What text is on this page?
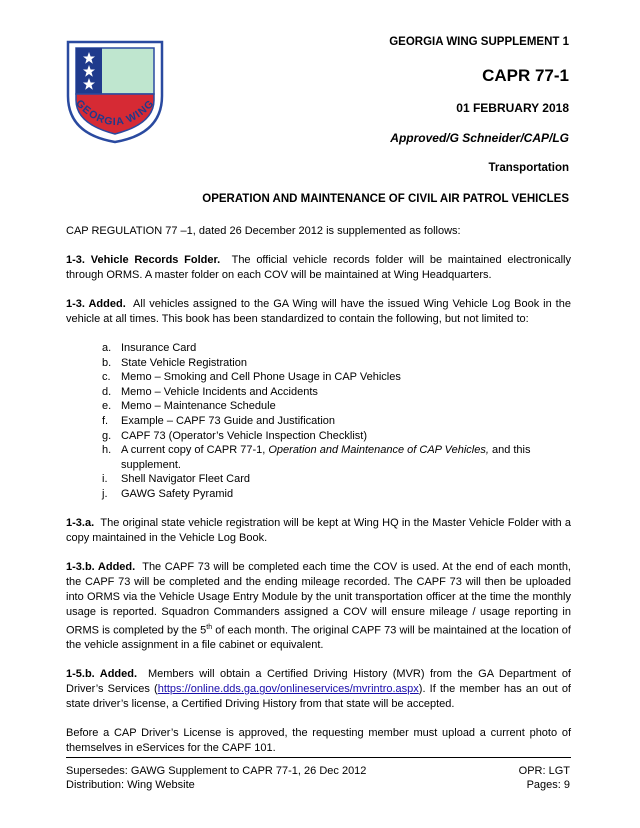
GEORGIA WING
GEORGIA WING SUPPLEMENT 1
CAPR 77-1
01 FEBRUARY 2018
Approved/G Schneider/CAP/LG
Transportation
OPERATION AND MAINTENANCE OF CIVIL AIR PATROL VEHICLES

CAP REGULATION 77 –1, dated 26 December 2012 is supplemented as follows:

1-3. Vehicle Records Folder. The official vehicle records folder will be maintained electronically through ORMS. A master folder on each COV will be maintained at Wing Headquarters.

1-3. Added. All vehicles assigned to the GA Wing will have the issued Wing Vehicle Log Book in the vehicle at all times. This book has been standardized to contain the following, but not limited to:

a. Insurance Card
b. State Vehicle Registration
c. Memo – Smoking and Cell Phone Usage in CAP Vehicles
d. Memo – Vehicle Incidents and Accidents
e. Memo – Maintenance Schedule
f. Example – CAPF 73 Guide and Justification
g. CAPF 73 (Operator’s Vehicle Inspection Checklist)
h. A current copy of CAPR 77-1, Operation and Maintenance of CAP Vehicles, and this supplement.
i. Shell Navigator Fleet Card
j. GAWG Safety Pyramid

1-3.a. The original state vehicle registration will be kept at Wing HQ in the Master Vehicle Folder with a copy maintained in the Vehicle Log Book.

1-3.b. Added. The CAPF 73 will be completed each time the COV is used. At the end of each month, the CAPF 73 will be completed and the ending mileage recorded. The CAPF 73 will then be uploaded into ORMS via the Vehicle Usage Entry Module by the unit transportation officer at the time the monthly usage is reported. Squadron Commanders assigned a COV will ensure mileage / usage reporting in ORMS is completed by the 5th of each month. The original CAPF 73 will be maintained at the location of the vehicle assignment in a file cabinet or equivalent.

1-5.b. Added. Members will obtain a Certified Driving History (MVR) from the GA Department of Driver’s Services (https://online.dds.ga.gov/onlineservices/mvrintro.aspx). If the member has an out of state driver’s license, a Certified Driving History from that state will be accepted.

Before a CAP Driver’s License is approved, the requesting member must upload a current photo of themselves in eServices for the CAPF 101.

Supersedes: GAWG Supplement to CAPR 77-1, 26 Dec 2012
Distribution: Wing Website
OPR: LGT
Pages: 9
